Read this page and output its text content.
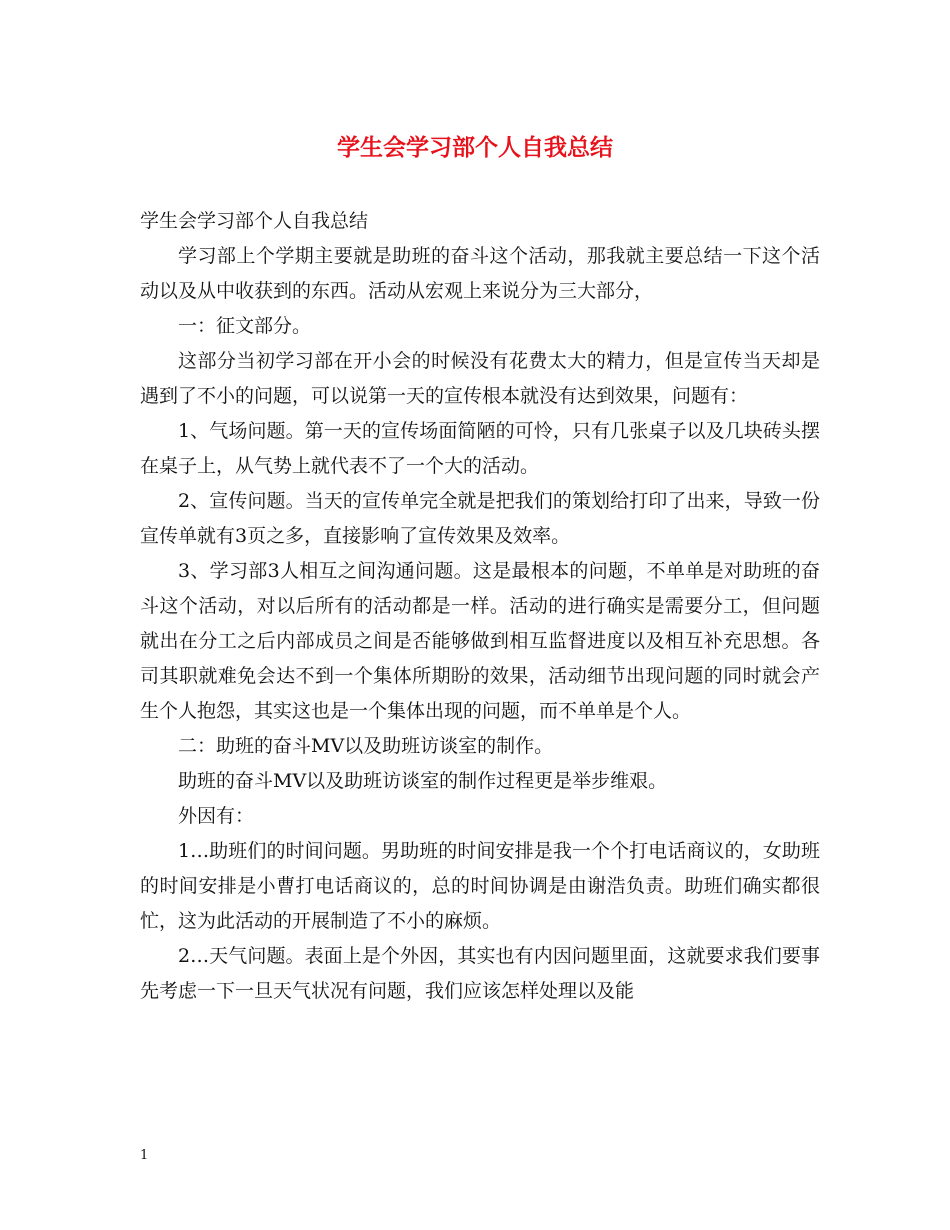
学生会学习部个人自我总结

学生会学习部个人自我总结

学习部上个学期主要就是助班的奋斗这个活动，那我就主要总结一下这个活动以及从中收获到的东西。活动从宏观上来说分为三大部分，

一：征文部分。

这部分当初学习部在开小会的时候没有花费太大的精力，但是宣传当天却是遇到了不小的问题，可以说第一天的宣传根本就没有达到效果，问题有：

1、气场问题。第一天的宣传场面简陋的可怜，只有几张桌子以及几块砖头摆在桌子上，从气势上就代表不了一个大的活动。

2、宣传问题。当天的宣传单完全就是把我们的策划给打印了出来，导致一份宣传单就有3页之多，直接影响了宣传效果及效率。

3、学习部3人相互之间沟通问题。这是最根本的问题，不单单是对助班的奋斗这个活动，对以后所有的活动都是一样。活动的进行确实是需要分工，但问题就出在分工之后内部成员之间是否能够做到相互监督进度以及相互补充思想。各司其职就难免会达不到一个集体所期盼的效果，活动细节出现问题的同时就会产生个人抱怨，其实这也是一个集体出现的问题，而不单单是个人。

二：助班的奋斗MV以及助班访谈室的制作。

助班的奋斗MV以及助班访谈室的制作过程更是举步维艰。

外因有：

1…助班们的时间问题。男助班的时间安排是我一个个打电话商议的，女助班的时间安排是小曹打电话商议的，总的时间协调是由谢浩负责。助班们确实都很忙，这为此活动的开展制造了不小的麻烦。

2…天气问题。表面上是个外因，其实也有内因问题里面，这就要求我们要事先考虑一下一旦天气状况有问题，我们应该怎样处理以及能

1
